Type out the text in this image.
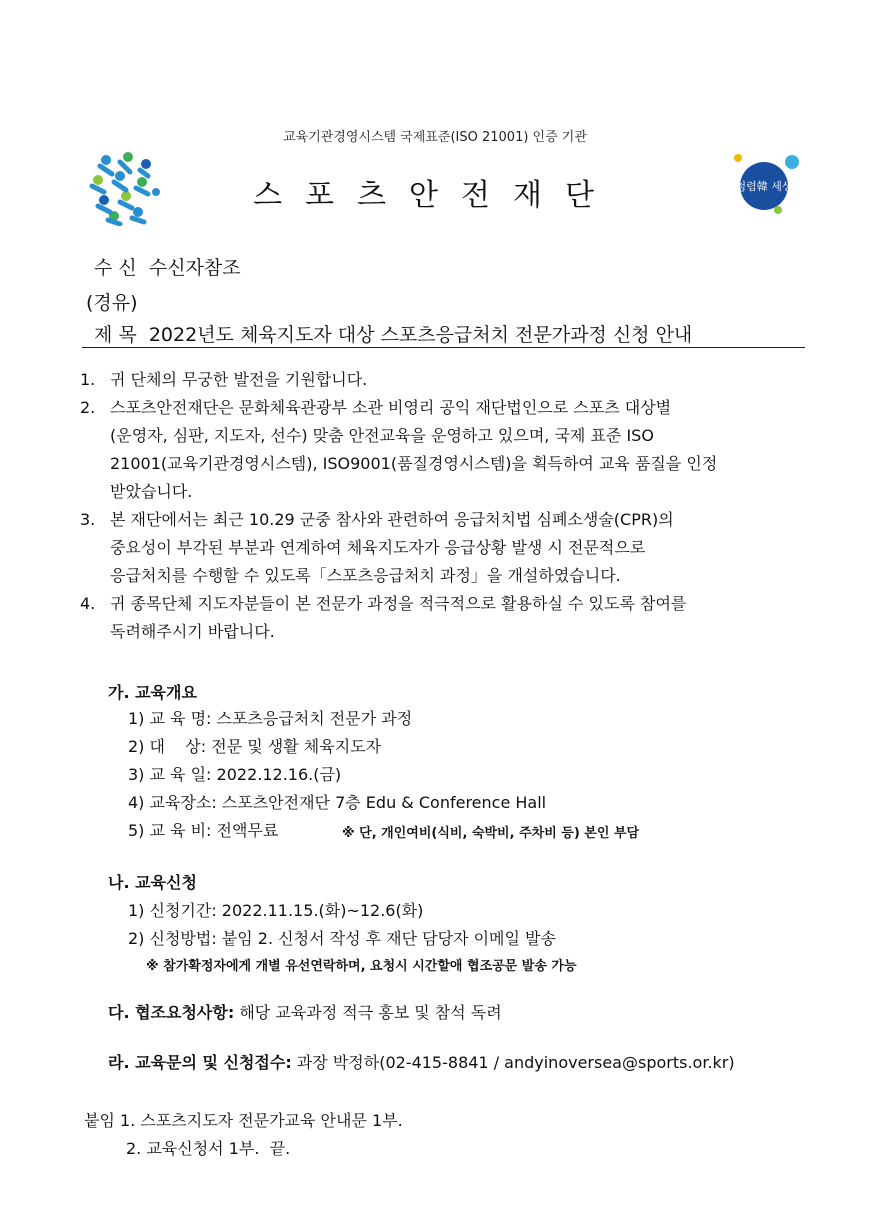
교육기관경영시스템 국제표준(ISO 21001) 인증 기관
스포츠안전재단	청렴韓 세상
수 신 수신자참조
(경유)
제 목 2022년도 체육지도자 대상 스포츠응급처치 전문가과정 신청 안내
1. 귀 단체의 무궁한 발전을 기원합니다.
2. 스포츠안전재단은 문화체육관광부 소관 비영리 공익 재단법인으로 스포츠 대상별
(운영자, 심판, 지도자, 선수) 맞춤 안전교육을 운영하고 있으며, 국제 표준 ISO
21001(교육기관경영시스템), ISO9001(품질경영시스템)을 획득하여 교육 품질을 인정
받았습니다.
3. 본 재단에서는 최근 10.29 군중 참사와 관련하여 응급처치법 심폐소생술(CPR)의
중요성이 부각된 부분과 연계하여 체육지도자가 응급상황 발생 시 전문적으로
응급처치를 수행할 수 있도록「스포츠응급처치 과정」을 개설하였습니다.
4. 귀 종목단체 지도자분들이 본 전문가 과정을 적극적으로 활용하실 수 있도록 참여를
독려해주시기 바랍니다.
가. 교육개요
1) 교 육 명: 스포츠응급처치 전문가 과정
2) 대    상: 전문 및 생활 체육지도자
3) 교 육 일: 2022.12.16.(금)
4) 교육장소: 스포츠안전재단 7층 Edu & Conference Hall
5) 교 육 비: 전액무료	※ 단, 개인여비(식비, 숙박비, 주차비 등) 본인 부담
나. 교육신청
1) 신청기간: 2022.11.15.(화)~12.6(화)
2) 신청방법: 붙임 2. 신청서 작성 후 재단 담당자 이메일 발송
※ 참가확정자에게 개별 유선연락하며, 요청시 시간할애 협조공문 발송 가능
다. 협조요청사항: 해당 교육과정 적극 홍보 및 참석 독려
라. 교육문의 및 신청접수: 과장 박정하(02-415-8841 / andyinoversea@sports.or.kr)
붙임 1. 스포츠지도자 전문가교육 안내문 1부.
2. 교육신청서 1부.  끝.
